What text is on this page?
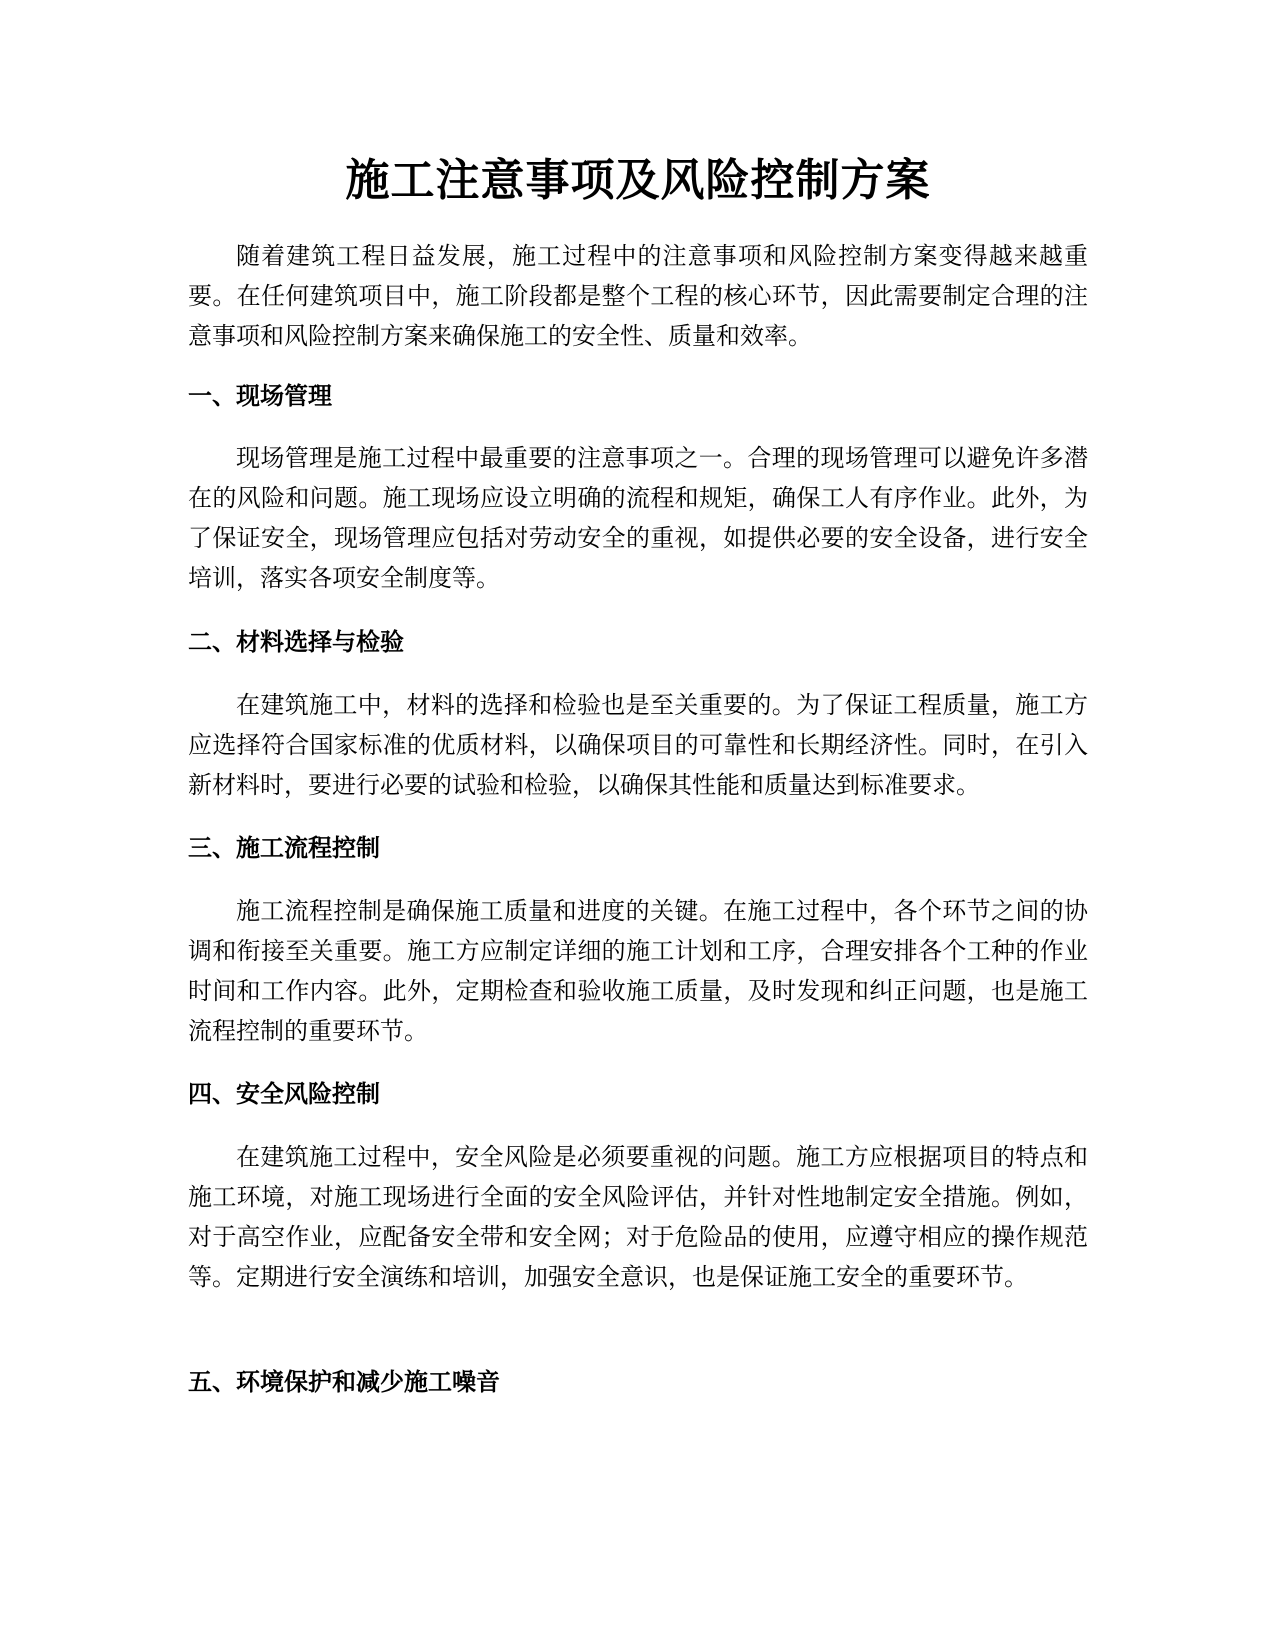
施工注意事项及风险控制方案

随着建筑工程日益发展，施工过程中的注意事项和风险控制方案变得越来越重要。在任何建筑项目中，施工阶段都是整个工程的核心环节，因此需要制定合理的注意事项和风险控制方案来确保施工的安全性、质量和效率。

一、现场管理

现场管理是施工过程中最重要的注意事项之一。合理的现场管理可以避免许多潜在的风险和问题。施工现场应设立明确的流程和规矩，确保工人有序作业。此外，为了保证安全，现场管理应包括对劳动安全的重视，如提供必要的安全设备，进行安全培训，落实各项安全制度等。

二、材料选择与检验

在建筑施工中，材料的选择和检验也是至关重要的。为了保证工程质量，施工方应选择符合国家标准的优质材料，以确保项目的可靠性和长期经济性。同时，在引入新材料时，要进行必要的试验和检验，以确保其性能和质量达到标准要求。

三、施工流程控制

施工流程控制是确保施工质量和进度的关键。在施工过程中，各个环节之间的协调和衔接至关重要。施工方应制定详细的施工计划和工序，合理安排各个工种的作业时间和工作内容。此外，定期检查和验收施工质量，及时发现和纠正问题，也是施工流程控制的重要环节。

四、安全风险控制

在建筑施工过程中，安全风险是必须要重视的问题。施工方应根据项目的特点和施工环境，对施工现场进行全面的安全风险评估，并针对性地制定安全措施。例如，对于高空作业，应配备安全带和安全网；对于危险品的使用，应遵守相应的操作规范等。定期进行安全演练和培训，加强安全意识，也是保证施工安全的重要环节。

五、环境保护和减少施工噪音
